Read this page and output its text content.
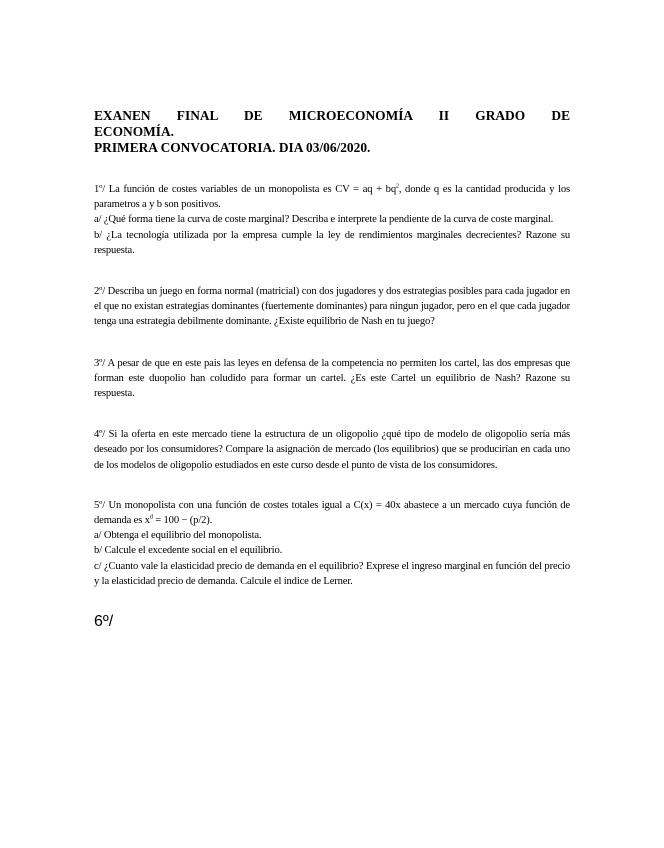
EXANEN FINAL DE MICROECONOMÍA II GRADO DE
ECONOMÍA.
PRIMERA CONVOCATORIA. DIA 03/06/2020.
1º/ La función de costes variables de un monopolista es CV = aq + $bq^2$, donde q es la cantidad producida y los parametros a y b son positivos.
a/ ¿Qué forma tiene la curva de coste marginal? Describa e interprete la pendiente de la curva de coste marginal.
b/ ¿La tecnología utilizada por la empresa cumple la ley de rendimientos marginales decrecientes? Razone su respuesta.
2º/ Describa un juego en forma normal (matricial) con dos jugadores y dos estrategias posibles para cada jugador en el que no existan estrategias dominantes (fuertemente dominantes) para ningun jugador, pero en el que cada jugador tenga una estrategia debilmente dominante. ¿Existe equilibrio de Nash en tu juego?
3º/ A pesar de que en este pais las leyes en defensa de la competencia no permiten los cartel, las dos empresas que forman este duopolio han coludido para formar un cartel. ¿Es este Cartel un equilibrio de Nash? Razone su respuesta.
4º/ Si la oferta en este mercado tiene la estructura de un oligopolio ¿qué tipo de modelo de oligopolio sería más deseado por los consumidores? Compare la asignación de mercado (los equilibrios) que se producirían en cada uno de los modelos de oligopolio estudiados en este curso desde el punto de vista de los consumidores.
5º/ Un monopolista con una función de costes totales igual a C(x) = 40x abastece a un mercado cuya función de demanda es $x^d = 100 - (p/2)$.
a/ Obtenga el equilibrio del monopolista.
b/ Calcule el excedente social en el equilibrio.
c/ ¿Cuanto vale la elasticidad precio de demanda en el equilibrio? Exprese el ingreso marginal en función del precio y la elasticidad precio de demanda. Calcule el índice de Lerner.
6º/
